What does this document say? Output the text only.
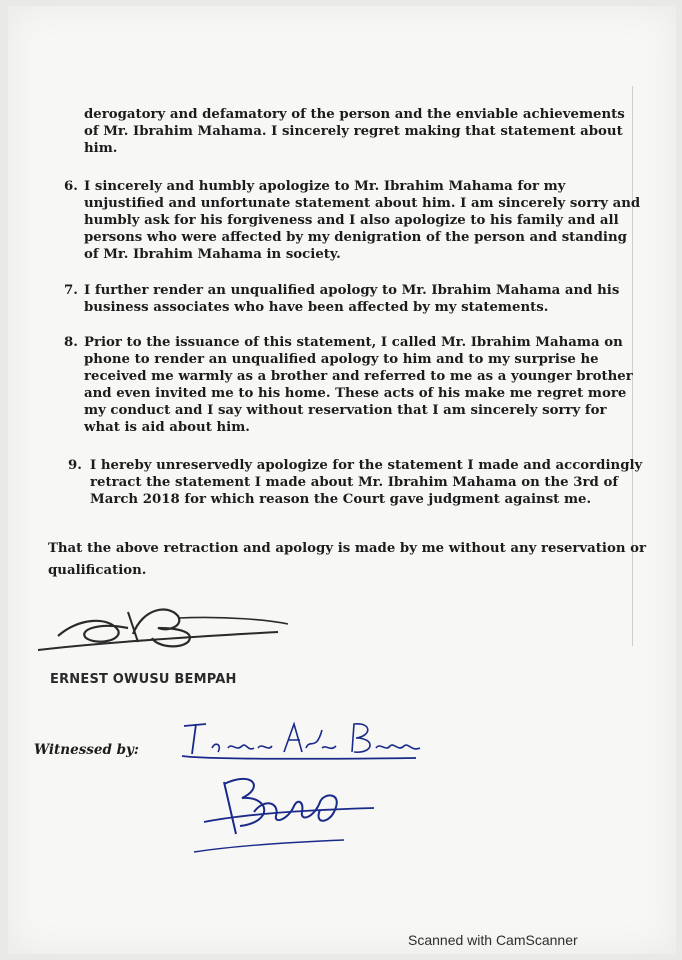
derogatory and defamatory of the person and the enviable achievements
of Mr. Ibrahim Mahama. I sincerely regret making that statement about
him.
6. I sincerely and humbly apologize to Mr. Ibrahim Mahama for my
unjustified and unfortunate statement about him. I am sincerely sorry and
humbly ask for his forgiveness and I also apologize to his family and all
persons who were affected by my denigration of the person and standing
of Mr. Ibrahim Mahama in society.
7. I further render an unqualified apology to Mr. Ibrahim Mahama and his
business associates who have been affected by my statements.
8. Prior to the issuance of this statement, I called Mr. Ibrahim Mahama on
phone to render an unqualified apology to him and to my surprise he
received me warmly as a brother and referred to me as a younger brother
and even invited me to his home. These acts of his make me regret more
my conduct and I say without reservation that I am sincerely sorry for
what is aid about him.
9. I hereby unreservedly apologize for the statement I made and accordingly
retract the statement I made about Mr. Ibrahim Mahama on the 3rd of
March 2018 for which reason the Court gave judgment against me.
That the above retraction and apology is made by me without any reservation or
qualification.
ERNEST OWUSU BEMPAH
Witnessed by:
Scanned with CamScanner
